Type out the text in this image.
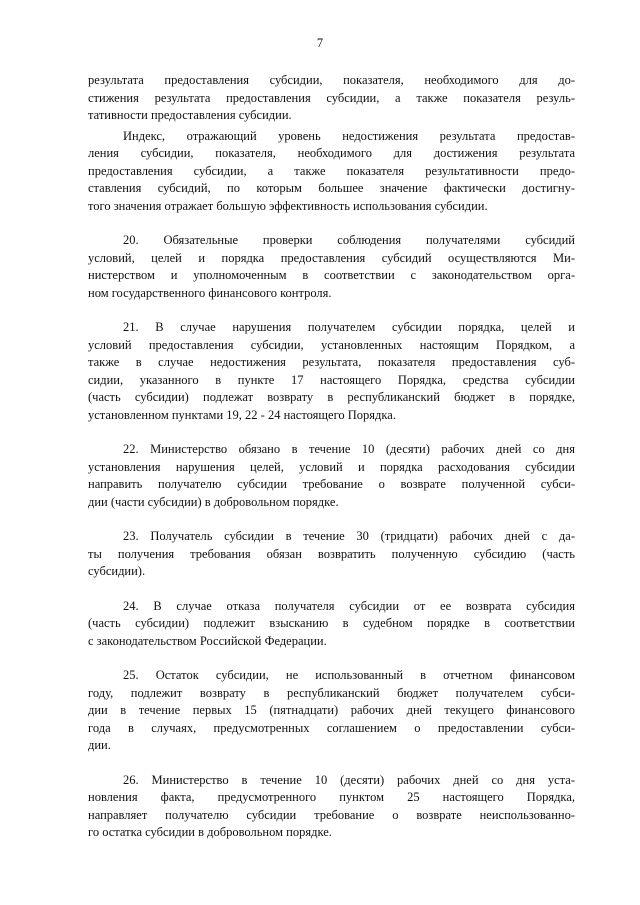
7
результата предоставления субсидии, показателя, необходимого для до-
стижения результата предоставления субсидии, а также показателя резуль-
тативности предоставления субсидии.
Индекс, отражающий уровень недостижения результата предостав-
ления субсидии, показателя, необходимого для достижения результата
предоставления субсидии, а также показателя результативности предо-
ставления субсидий, по которым большее значение фактически достигну-
того значения отражает большую эффективность использования субсидии.
20. Обязательные проверки соблюдения получателями субсидий
условий, целей и порядка предоставления субсидий осуществляются Ми-
нистерством и уполномоченным в соответствии с законодательством орга-
ном государственного финансового контроля.
21. В случае нарушения получателем субсидии порядка, целей и
условий предоставления субсидии, установленных настоящим Порядком, а
также в случае недостижения результата, показателя предоставления суб-
сидии, указанного в пункте 17 настоящего Порядка, средства субсидии
(часть субсидии) подлежат возврату в республиканский бюджет в порядке,
установленном пунктами 19, 22 - 24 настоящего Порядка.
22. Министерство обязано в течение 10 (десяти) рабочих дней со дня
установления нарушения целей, условий и порядка расходования субсидии
направить получателю субсидии требование о возврате полученной субси-
дии (части субсидии) в добровольном порядке.
23. Получатель субсидии в течение 30 (тридцати) рабочих дней с да-
ты получения требования обязан возвратить полученную субсидию (часть
субсидии).
24. В случае отказа получателя субсидии от ее возврата субсидия
(часть субсидии) подлежит взысканию в судебном порядке в соответствии
с законодательством Российской Федерации.
25. Остаток субсидии, не использованный в отчетном финансовом
году, подлежит возврату в республиканский бюджет получателем субси-
дии в течение первых 15 (пятнадцати) рабочих дней текущего финансового
года в случаях, предусмотренных соглашением о предоставлении субси-
дии.
26. Министерство в течение 10 (десяти) рабочих дней со дня уста-
новления факта, предусмотренного пунктом 25 настоящего Порядка,
направляет получателю субсидии требование о возврате неиспользованно-
го остатка субсидии в добровольном порядке.
